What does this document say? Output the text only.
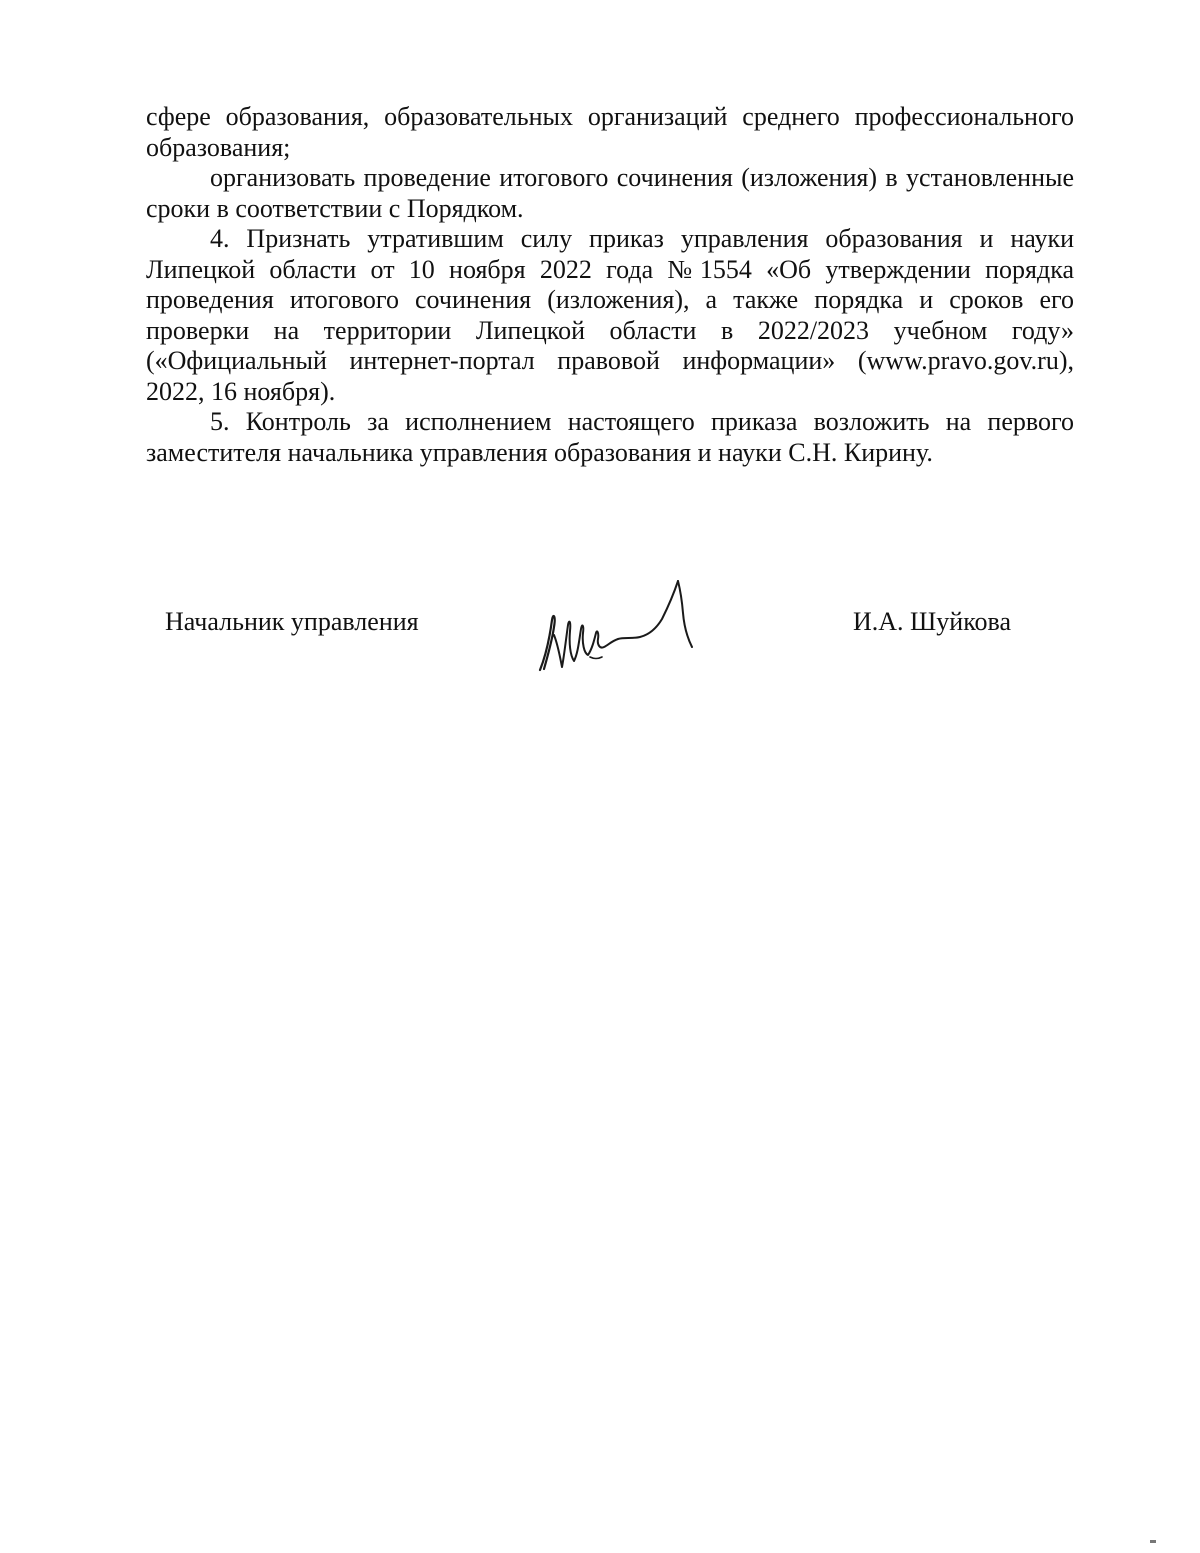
сфере образования, образовательных организаций среднего профессионального образования;

организовать проведение итогового сочинения (изложения) в установленные сроки в соответствии с Порядком.

4. Признать утратившим силу приказ управления образования и науки Липецкой области от 10 ноября 2022 года №1554 «Об утверждении порядка проведения итогового сочинения (изложения), а также порядка и сроков его проверки на территории Липецкой области в 2022/2023 учебном году» («Официальный интернет-портал правовой информации» (www.pravo.gov.ru), 2022, 16 ноября).

5. Контроль за исполнением настоящего приказа возложить на первого заместителя начальника управления образования и науки С.Н. Кирину.

Начальник управления	И.А. Шуйкова
